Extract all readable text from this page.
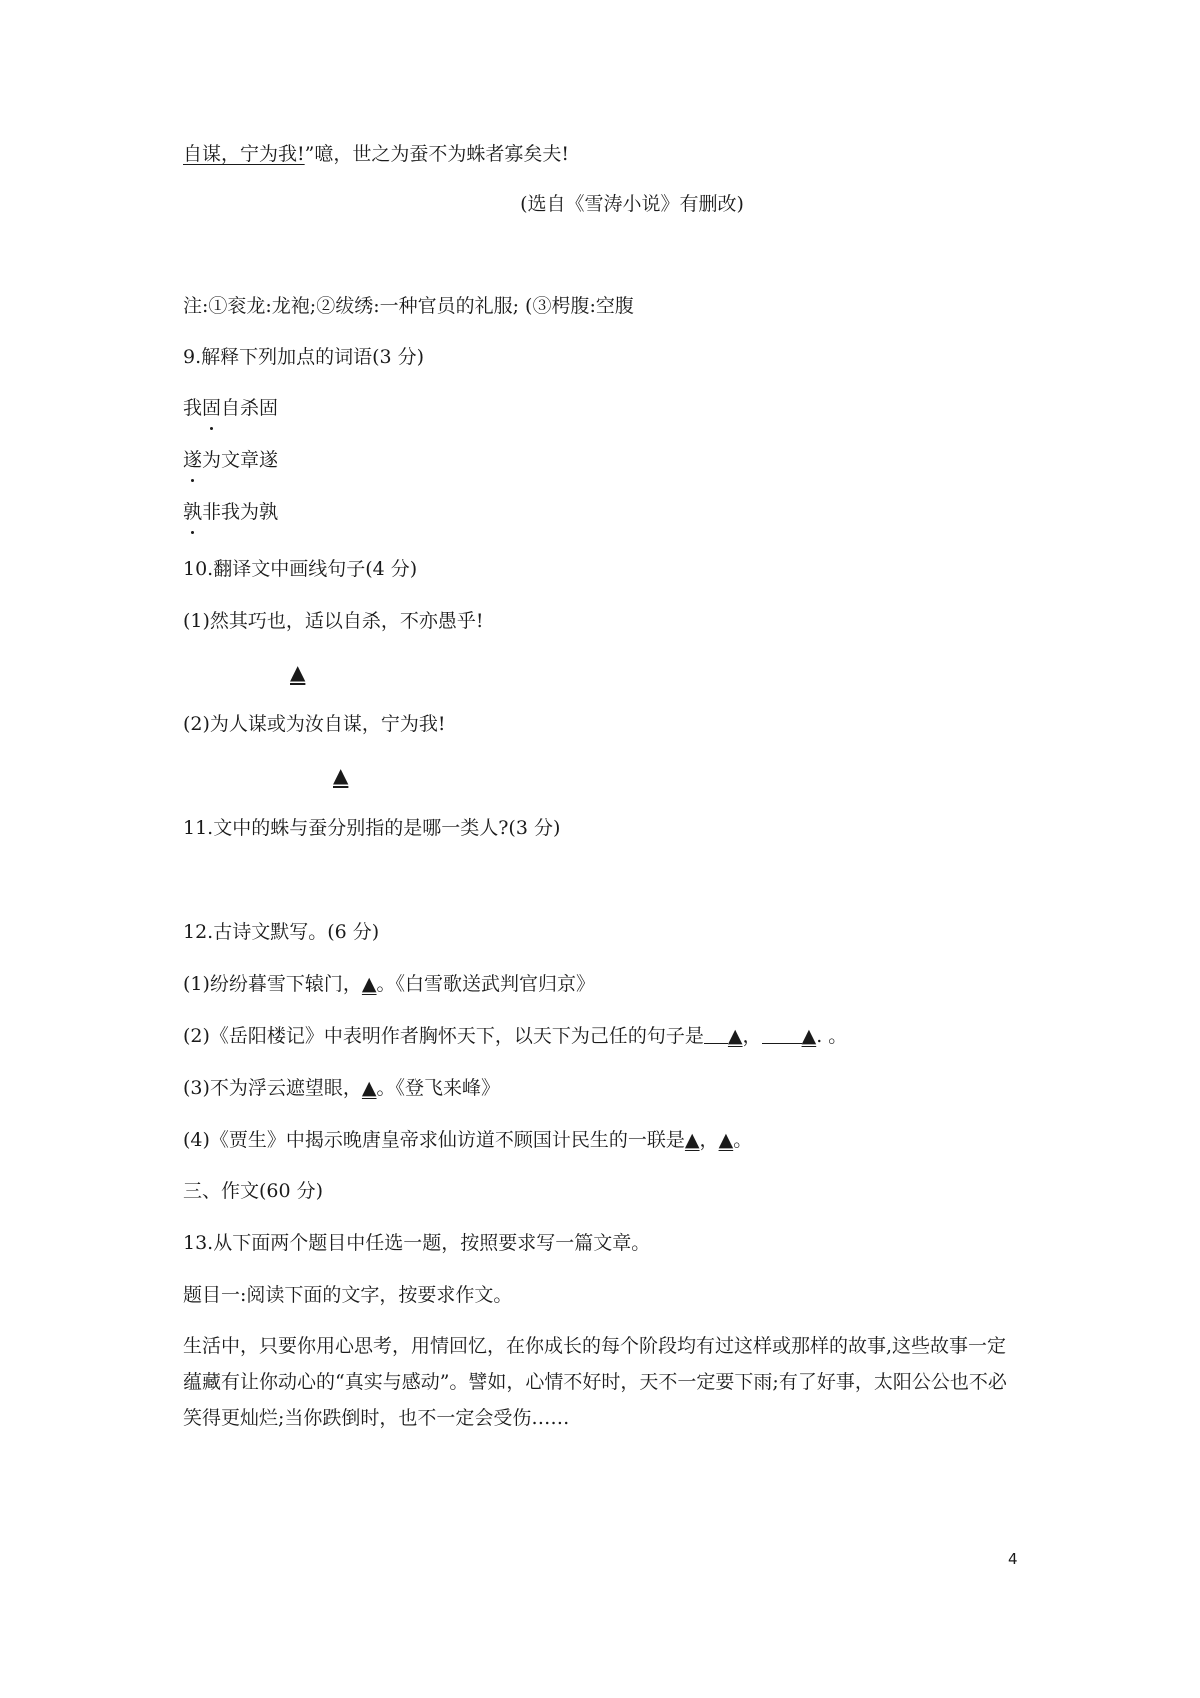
自谋，宁为我!”噫，世之为蚕不为蛛者寡矣夫!
(选自《雪涛小说》有删改)
注:①衮龙:龙袍;②绂绣:一种官员的礼服; (③枵腹:空腹
9.解释下列加点的词语(3 分)
我固自杀固
遂为文章遂
孰非我为孰
10.翻译文中画线句子(4 分)
(1)然其巧也，适以自杀，不亦愚乎!
▲
(2)为人谋或为汝自谋，宁为我!
▲
11.文中的蛛与蚕分别指的是哪一类人?(3 分)
12.古诗文默写。(6 分)
(1)纷纷暮雪下辕门，▲。《白雪歌送武判官归京》
(2)《岳阳楼记》中表明作者胸怀天下，以天下为己任的句子是 ▲， ▲. 。
(3)不为浮云遮望眼，▲。《登飞来峰》
(4)《贾生》中揭示晚唐皇帝求仙访道不顾国计民生的一联是▲，▲。
三、作文(60 分)
13.从下面两个题目中任选一题，按照要求写一篇文章。
题目一:阅读下面的文字，按要求作文。
生活中，只要你用心思考，用情回忆，在你成长的每个阶段均有过这样或那样的故事,这些故事一定蕴藏有让你动心的“真实与感动”。譬如，心情不好时，天不一定要下雨;有了好事，太阳公公也不必笑得更灿烂;当你跌倒时，也不一定会受伤……
4
